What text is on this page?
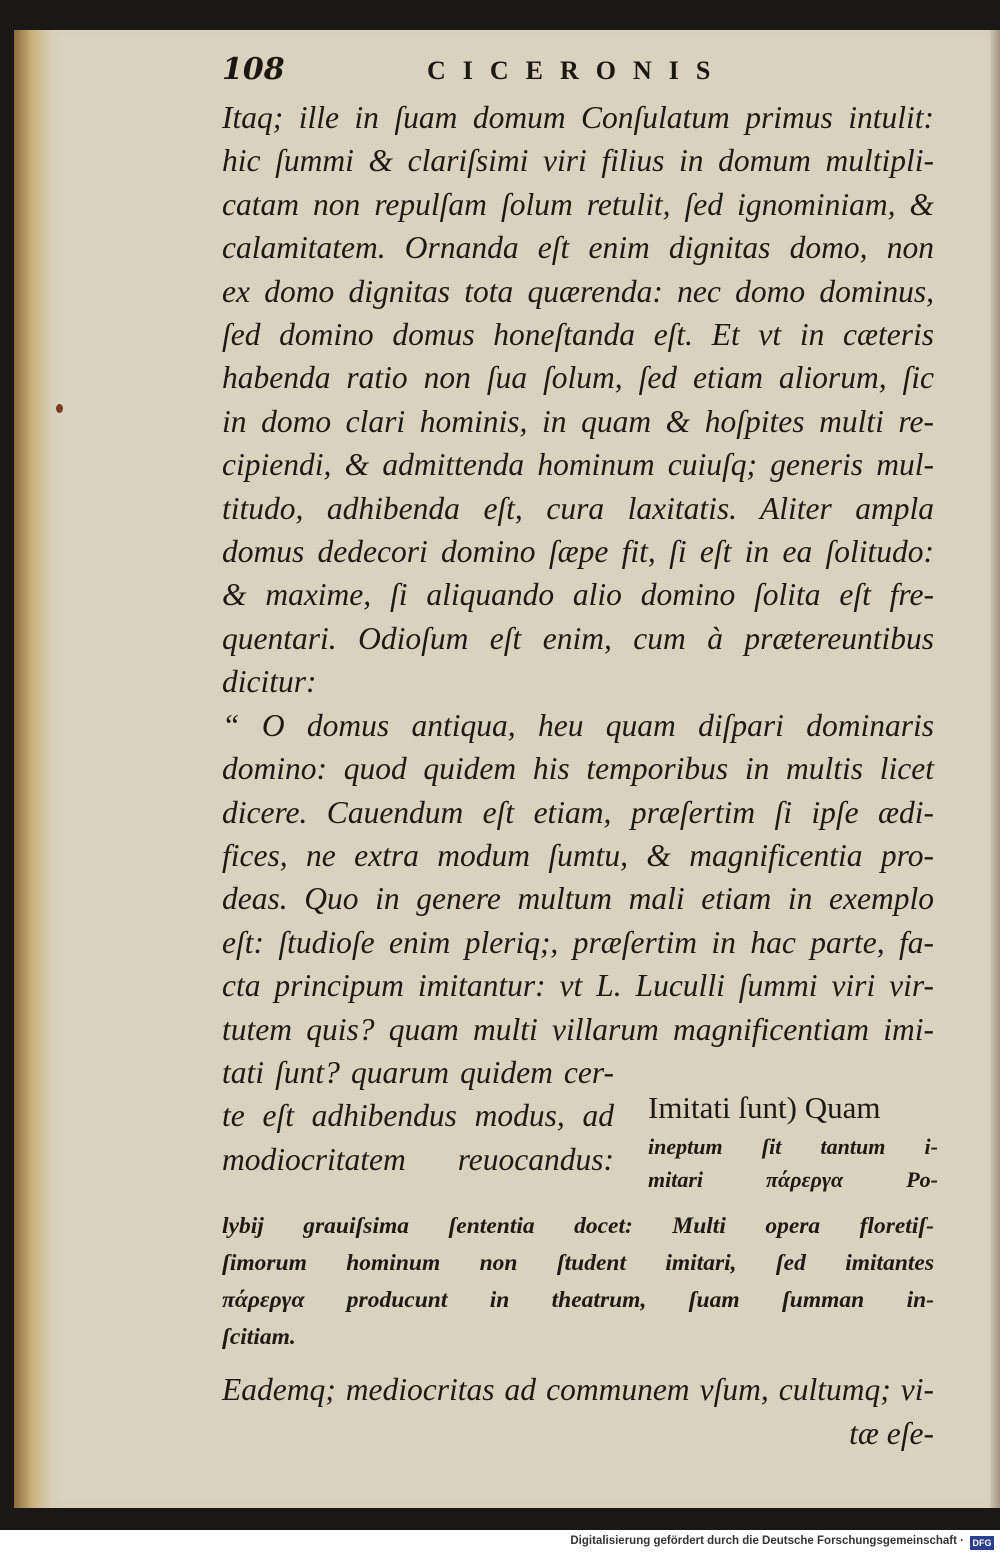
108	CICERONIS
Itaq; ille in ſuam domum Conſulatum primus intulit:
hic ſummi & clariſsimi viri filius in domum multipli-
catam non repulſam ſolum retulit, ſed ignominiam, &
calamitatem. Ornanda eſt enim dignitas domo, non
ex domo dignitas tota quærenda: nec domo dominus,
ſed domino domus honeſtanda eſt. Et vt in cæteris
habenda ratio non ſua ſolum, ſed etiam aliorum, ſic
in domo clari hominis, in quam & hoſpites multi re-
cipiendi, & admittenda hominum cuiuſq; generis mul-
titudo, adhibenda eſt, cura laxitatis. Aliter ampla
domus dedecori domino ſæpe fit, ſi eſt in ea ſolitudo:
& maxime, ſi aliquando alio domino ſolita eſt fre-
quentari. Odioſum eſt enim, cum à prætereuntibus
dicitur:
“ O domus antiqua, heu quam diſpari dominaris
domino: quod quidem his temporibus in multis licet
dicere. Cauendum eſt etiam, præſertim ſi ipſe ædi-
fices, ne extra modum ſumtu, & magnificentia pro-
deas. Quo in genere multum mali etiam in exemplo
eſt: ſtudioſe enim pleriq;, præſertim in hac parte, fa-
cta principum imitantur: vt L. Luculli ſummi viri vir-
tutem quis? quam multi villarum magnificentiam imi-
tati ſunt? quarum quidem cer-
te eſt adhibendus modus, ad
modiocritatem reuocandus:
Imitati ſunt) Quam
ineptum ſit tantum i-
mitari πάρεργα Po-
lybij grauiſsima ſententia docet: Multi opera floretiſ-
ſimorum hominum non ſtudent imitari, ſed imitantes
πάρεργα producunt in theatrum, ſuam ſumman in-
ſcitiam.
Eademq; mediocritas ad communem vſum, cultumq; vi-
tæ eſe-
Digitalisierung gefördert durch die Deutsche Forschungsgemeinschaft · DFG
